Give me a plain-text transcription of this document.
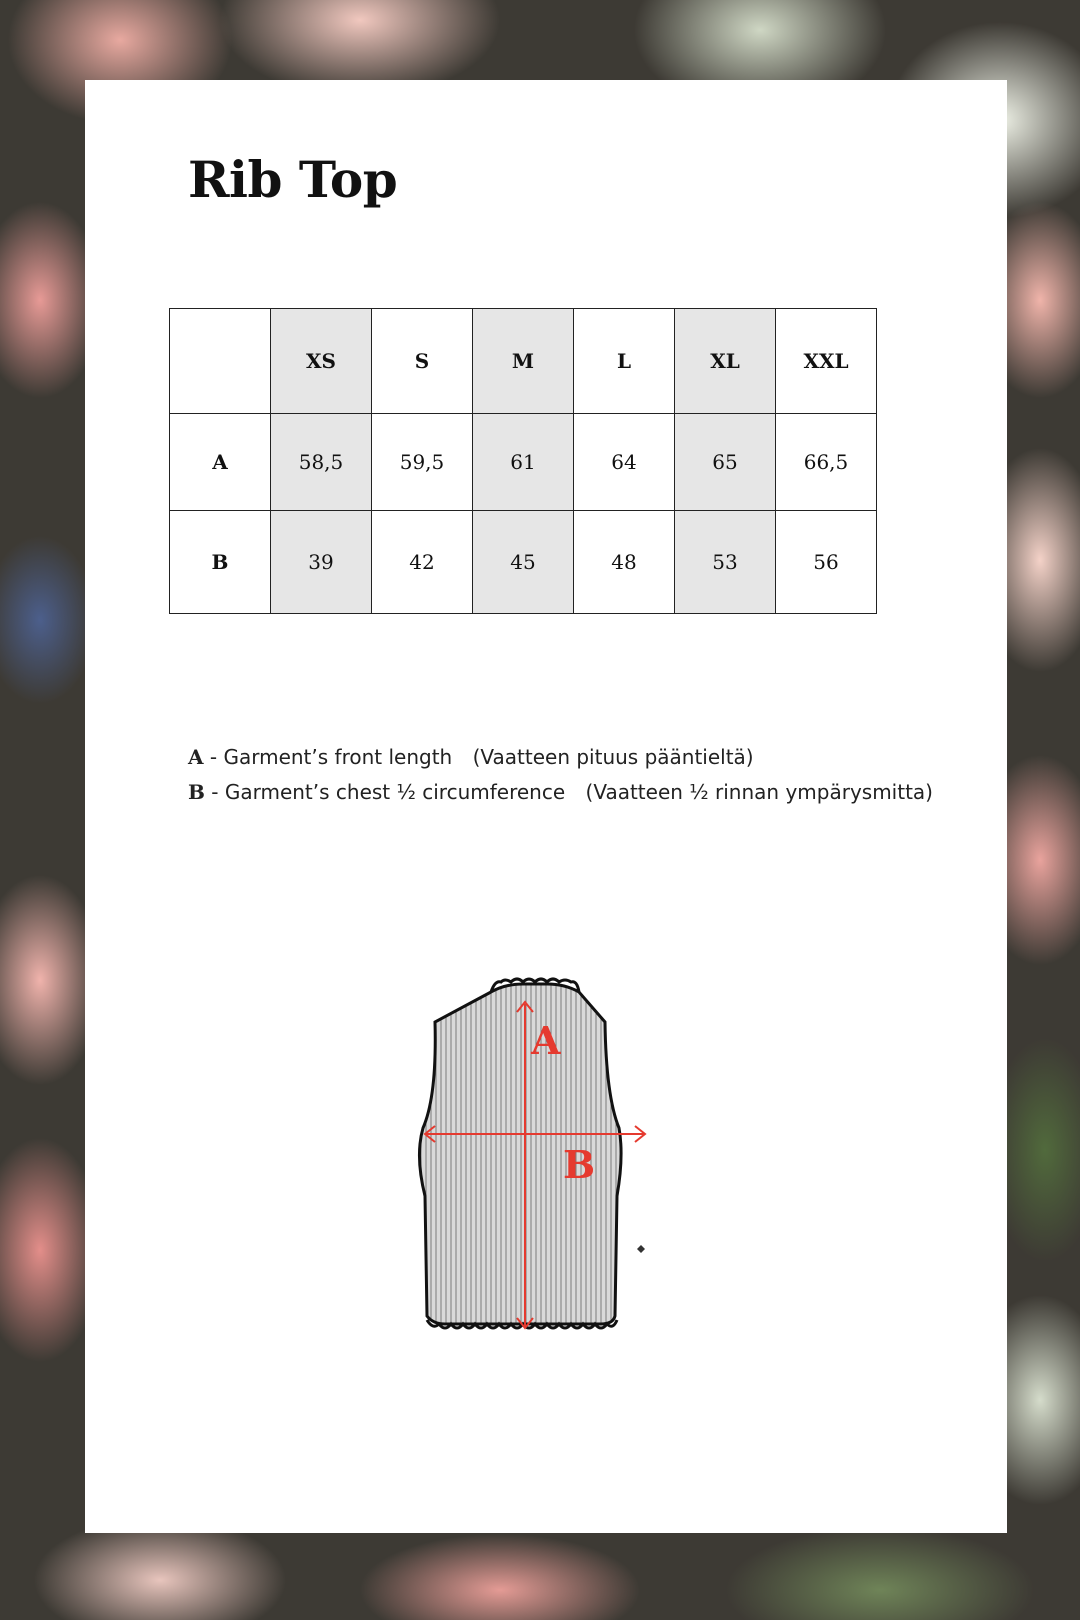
Rib Top
	XS	S	M	L	XL	XXL
A	58,5	59,5	61	64	65	66,5
B	39	42	45	48	53	56
A - Garment’s front length (Vaatteen pituus pääntieltä)
B - Garment’s chest ½ circumference (Vaatteen ½ rinnan ympärysmitta)
A
B
